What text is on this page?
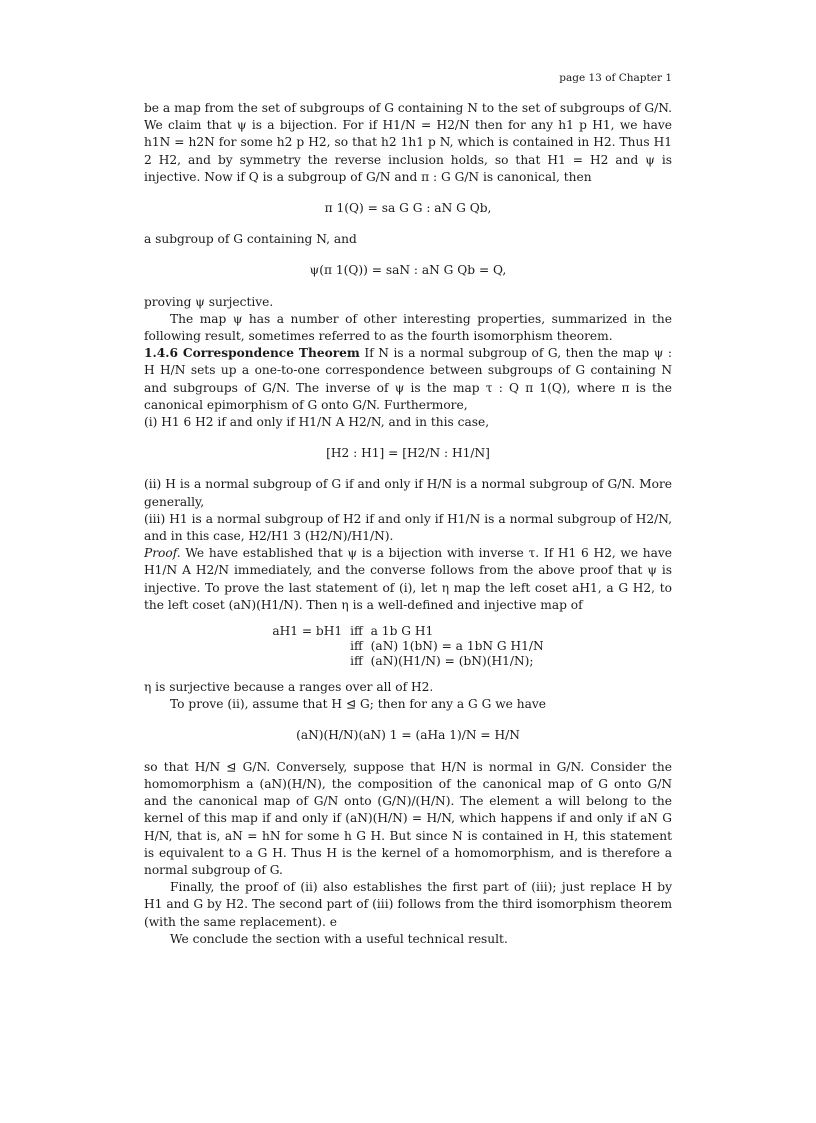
page 13 of Chapter 1

be a map from the set of subgroups of G containing N to the set of subgroups of G/N. We claim that ψ is a bijection. For if H1/N = H2/N then for any h1 p H1, we have h1N = h2N for some h2 p H2, so that h2 1h1 p N, which is contained in H2. Thus H1 2 H2, and by symmetry the reverse inclusion holds, so that H1 = H2 and ψ is injective. Now if Q is a subgroup of G/N and π : G G/N is canonical, then

π 1(Q) = sa G G : aN G Qb,

a subgroup of G containing N, and

ψ(π 1(Q)) = saN : aN G Qb = Q,

proving ψ surjective.

The map ψ has a number of other interesting properties, summarized in the following result, sometimes referred to as the fourth isomorphism theorem.

1.4.6 Correspondence Theorem If N is a normal subgroup of G, then the map ψ : H H/N sets up a one-to-one correspondence between subgroups of G containing N and subgroups of G/N. The inverse of ψ is the map τ : Q π 1(Q), where π is the canonical epimorphism of G onto G/N. Furthermore,

(i) H1 6 H2 if and only if H1/N A H2/N, and in this case,

[H2 : H1] = [H2/N : H1/N]

(ii) H is a normal subgroup of G if and only if H/N is a normal subgroup of G/N. More generally,

(iii) H1 is a normal subgroup of H2 if and only if H1/N is a normal subgroup of H2/N, and in this case, H2/H1 3 (H2/N)/H1/N).

Proof. We have established that ψ is a bijection with inverse τ. If H1 6 H2, we have H1/N A H2/N immediately, and the converse follows from the above proof that ψ is injective. To prove the last statement of (i), let η map the left coset aH1, a G H2, to the left coset (aN)(H1/N). Then η is a well-defined and injective map of

aH1 = bH1	iff	a 1b G H1
	iff	(aN) 1(bN) = a 1bN G H1/N
	iff	(aN)(H1/N) = (bN)(H1/N);

η is surjective because a ranges over all of H2.

To prove (ii), assume that H ⊴ G; then for any a G G we have

(aN)(H/N)(aN) 1 = (aHa 1)/N = H/N

so that H/N ⊴ G/N. Conversely, suppose that H/N is normal in G/N. Consider the homomorphism a (aN)(H/N), the composition of the canonical map of G onto G/N and the canonical map of G/N onto (G/N)/(H/N). The element a will belong to the kernel of this map if and only if (aN)(H/N) = H/N, which happens if and only if aN G H/N, that is, aN = hN for some h G H. But since N is contained in H, this statement is equivalent to a G H. Thus H is the kernel of a homomorphism, and is therefore a normal subgroup of G.

Finally, the proof of (ii) also establishes the first part of (iii); just replace H by H1 and G by H2. The second part of (iii) follows from the third isomorphism theorem (with the same replacement). e

We conclude the section with a useful technical result.
